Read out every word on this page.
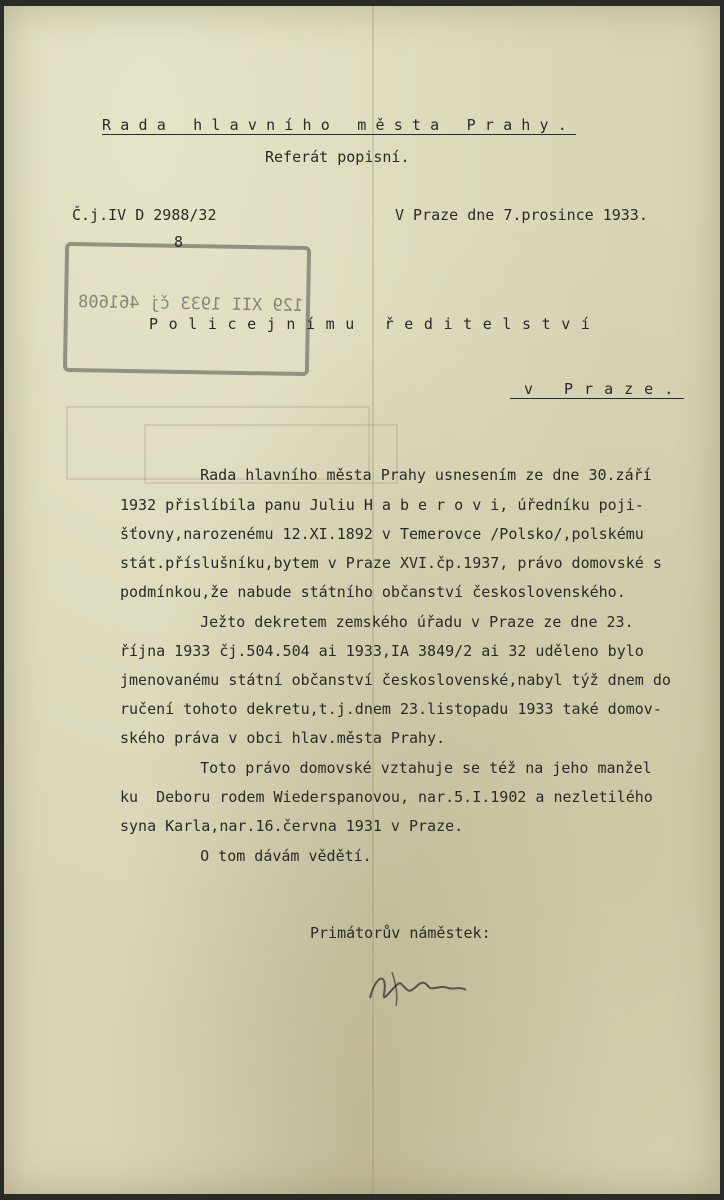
129 XII 1933 čj 461608
Rada hlavního města Prahy.
Referát popisní.
Č.j.IV D 2988/32
8
V Praze dne 7.prosince 1933.
Policejnímu ředitelství
v Praze.
Rada hlavního města Prahy usnesením ze dne 30.září
1932 přislíbila panu Juliu H a b e r o v i, úředníku poji-
šťovny,narozenému 12.XI.1892 v Temerovce /Polsko/,polskému
stát.příslušníku,bytem v Praze XVI.čp.1937, právo domovské s
podmínkou,že nabude státního občanství československého.
Ježto dekretem zemského úřadu v Praze ze dne 23.
října 1933 čj.504.504 ai 1933,IA 3849/2 ai 32 uděleno bylo
jmenovanému státní občanství československé,nabyl týž dnem do
ručení tohoto dekretu,t.j.dnem 23.listopadu 1933 také domov-
ského práva v obci hlav.města Prahy.
Toto právo domovské vztahuje se též na jeho manžel
ku  Deboru rodem Wiederspanovou, nar.5.I.1902 a nezletilého
syna Karla,nar.16.června 1931 v Praze.
O tom dávám vědětí.
Primátorův náměstek:
